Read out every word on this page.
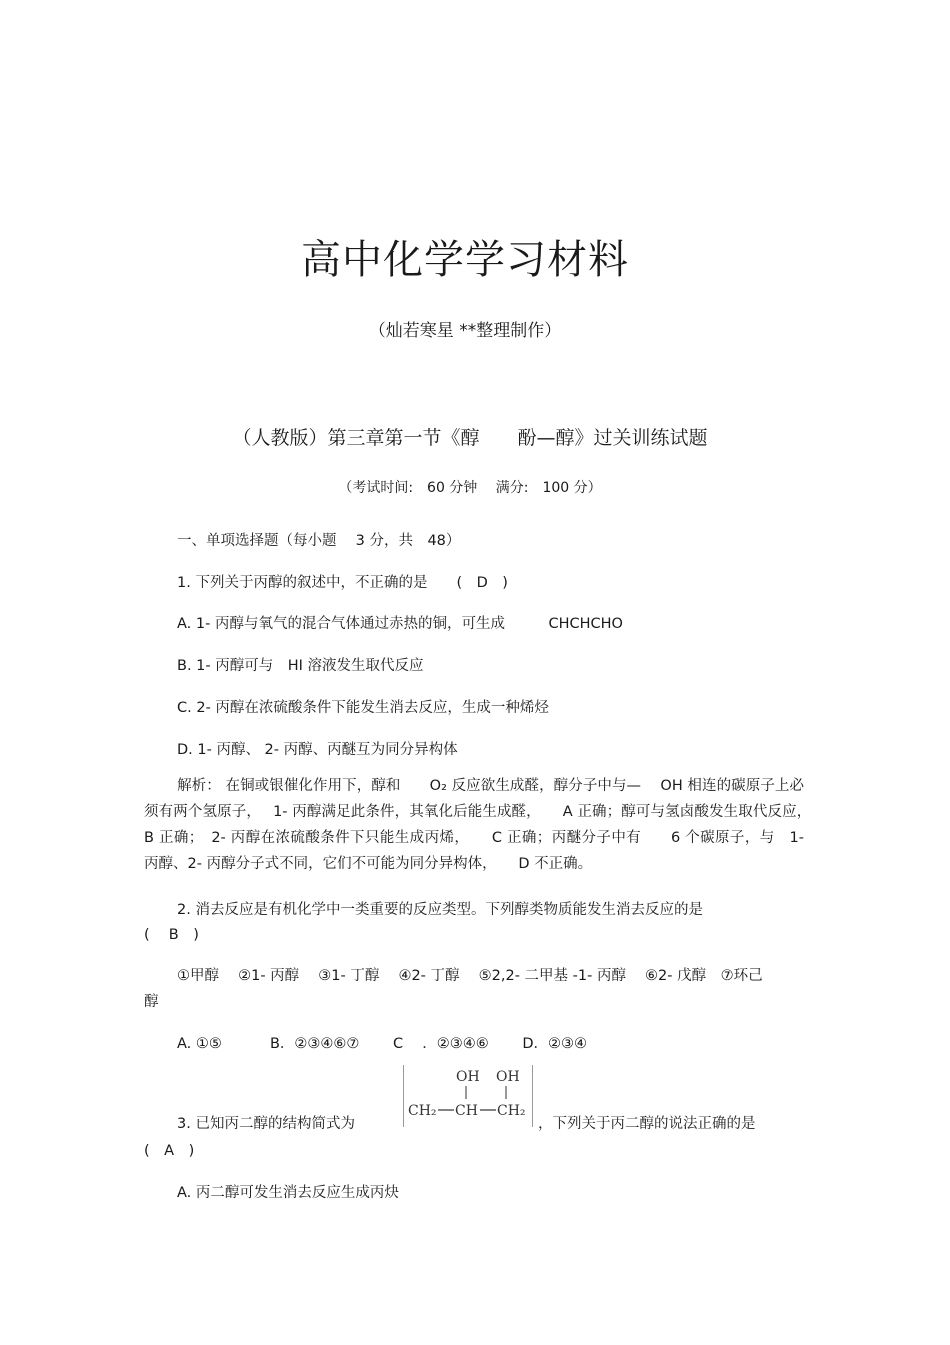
高中化学学习材料
（灿若寒星 **整理制作）
（人教版）第三章第一节《醇　　酚—醇》过关训练试题
（考试时间:　60 分钟　 满分:　100 分）
一、单项选择题（每小题　 3 分，共　48）
1. 下列关于丙醇的叙述中，不正确的是　　(　D　)
A. 1- 丙醇与氧气的混合气体通过赤热的铜，可生成　　　CHCHCHO
B. 1- 丙醇可与　HI 溶液发生取代反应
C. 2- 丙醇在浓硫酸条件下能发生消去反应，生成一种烯烃
D. 1- 丙醇、 2- 丙醇、丙醚互为同分异构体
解析： 在铜或银催化作用下，醇和　　O₂ 反应欲生成醛，醇分子中与—　 OH 相连的碳原子上必须有两个氢原子，　 1- 丙醇满足此条件，其氧化后能生成醛，　　A 正确；醇可与氢卤酸发生取代反应，　B 正确；　2- 丙醇在浓硫酸条件下只能生成丙烯，　　C 正确；丙醚分子中有　　6 个碳原子，与　1- 丙醇、2- 丙醇分子式不同，它们不可能为同分异构体，　　D 不正确。
2. 消去反应是有机化学中一类重要的反应类型。下列醇类物质能发生消去反应的是
(　 B　)
①甲醇　 ②1- 丙醇　 ③1- 丁醇　 ④2- 丁醇　 ⑤2,2- 二甲基 -1- 丙醇　 ⑥2- 戊醇　⑦环己
醇
A. ①⑤　　　 B．②③④⑥⑦　　 C　 ．②③④⑥　　 D．②③④
3. 已知丙二醇的结构简式为
OH OH
CH₂ CH CH₂
，下列关于丙二醇的说法正确的是
(　A　)
A. 丙二醇可发生消去反应生成丙炔
